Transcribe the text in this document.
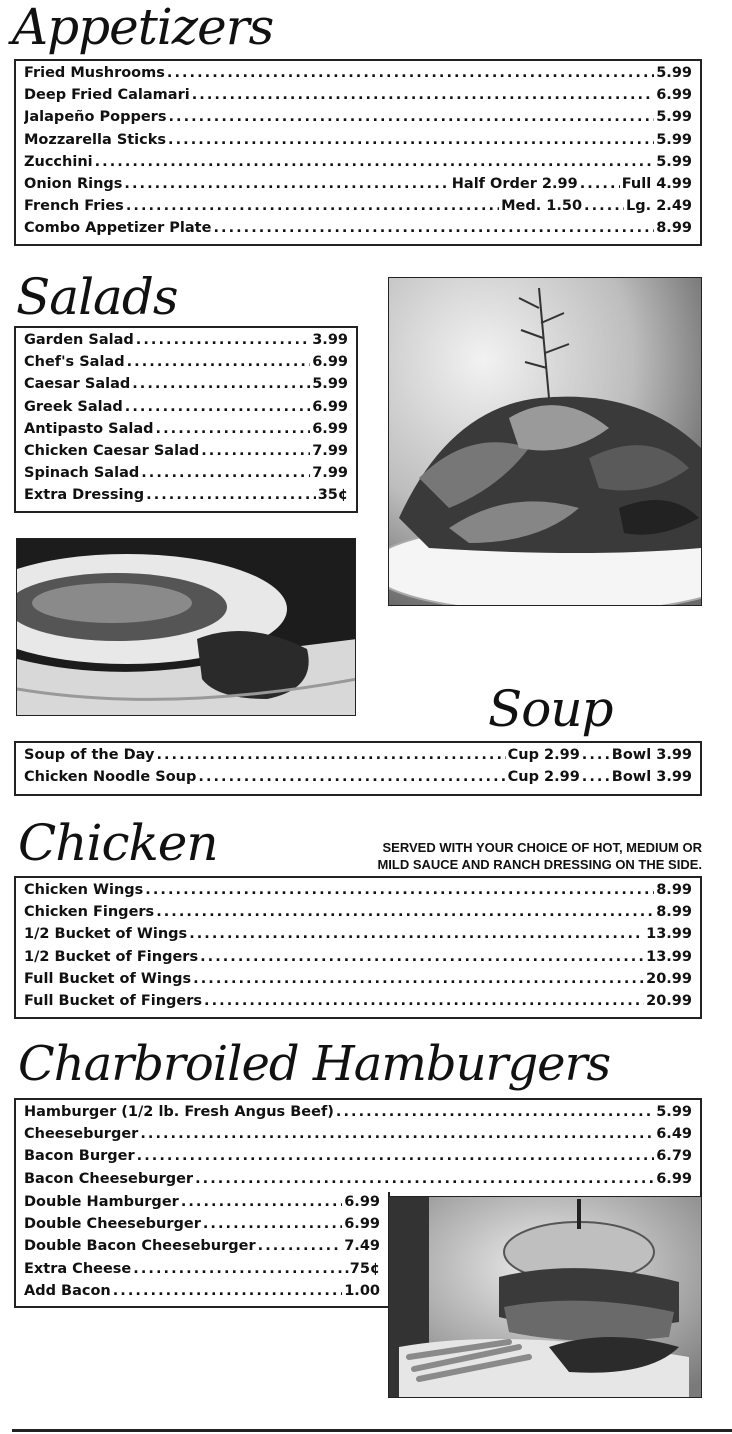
Appetizers
Fried Mushrooms . . .	5.99
Deep Fried Calamari . . .	6.99
Jalapeño Poppers . . .	5.99
Mozzarella Sticks . . .	5.99
Zucchini . . .	5.99
Onion Rings . . .	Half Order 2.99 . . .	Full 4.99
French Fries . . .	Med. 1.50 . . .	Lg. 2.49
Combo Appetizer Plate . . .	8.99
Salads
Garden Salad . . .	3.99
Chef's Salad . . .	6.99
Caesar Salad . . .	5.99
Greek Salad . . .	6.99
Antipasto Salad . . .	6.99
Chicken Caesar Salad . . .	7.99
Spinach Salad . . .	7.99
Extra Dressing . . .	35¢
Soup
Soup of the Day . . .	Cup 2.99 . . . Bowl 3.99
Chicken Noodle Soup . . .	Cup 2.99 . . . Bowl 3.99
Chicken	SERVED WITH YOUR CHOICE OF HOT, MEDIUM OR
MILD SAUCE AND RANCH DRESSING ON THE SIDE.
Chicken Wings . . .	8.99
Chicken Fingers . . .	8.99
1/2 Bucket of Wings . . .	13.99
1/2 Bucket of Fingers . . .	13.99
Full Bucket of Wings . . .	20.99
Full Bucket of Fingers . . .	20.99
Charbroiled Hamburgers
Hamburger (1/2 lb. Fresh Angus Beef) . . .	5.99
Cheeseburger . . .	6.49
Bacon Burger . . .	6.79
Bacon Cheeseburger . . .	6.99
Double Hamburger . . .	6.99
Double Cheeseburger . . .	6.99
Double Bacon Cheeseburger . . .	7.49
Extra Cheese . . .	.75¢
Add Bacon . . .	1.00
